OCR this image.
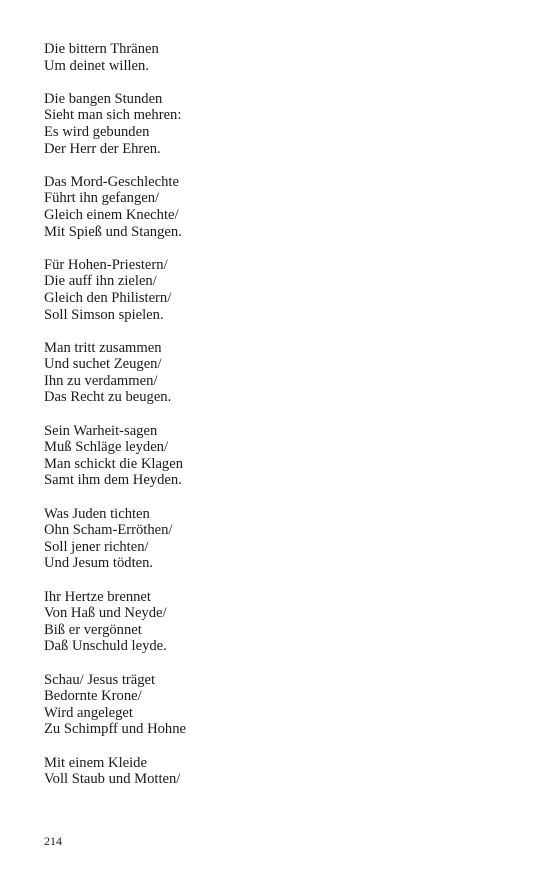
Die bittern Thränen
Um deinet willen.
Die bangen Stunden
Sieht man sich mehren:
Es wird gebunden
Der Herr der Ehren.
Das Mord-Geschlechte
Führt ihn gefangen/
Gleich einem Knechte/
Mit Spieß und Stangen.
Für Hohen-Priestern/
Die auff ihn zielen/
Gleich den Philistern/
Soll Simson spielen.
Man tritt zusammen
Und suchet Zeugen/
Ihn zu verdammen/
Das Recht zu beugen.
Sein Warheit-sagen
Muß Schläge leyden/
Man schickt die Klagen
Samt ihm dem Heyden.
Was Juden tichten
Ohn Scham-Erröthen/
Soll jener richten/
Und Jesum tödten.
Ihr Hertze brennet
Von Haß und Neyde/
Biß er vergönnet
Daß Unschuld leyde.
Schau/ Jesus träget
Bedornte Krone/
Wird angeleget
Zu Schimpff und Hohne
Mit einem Kleide
Voll Staub und Motten/
214
